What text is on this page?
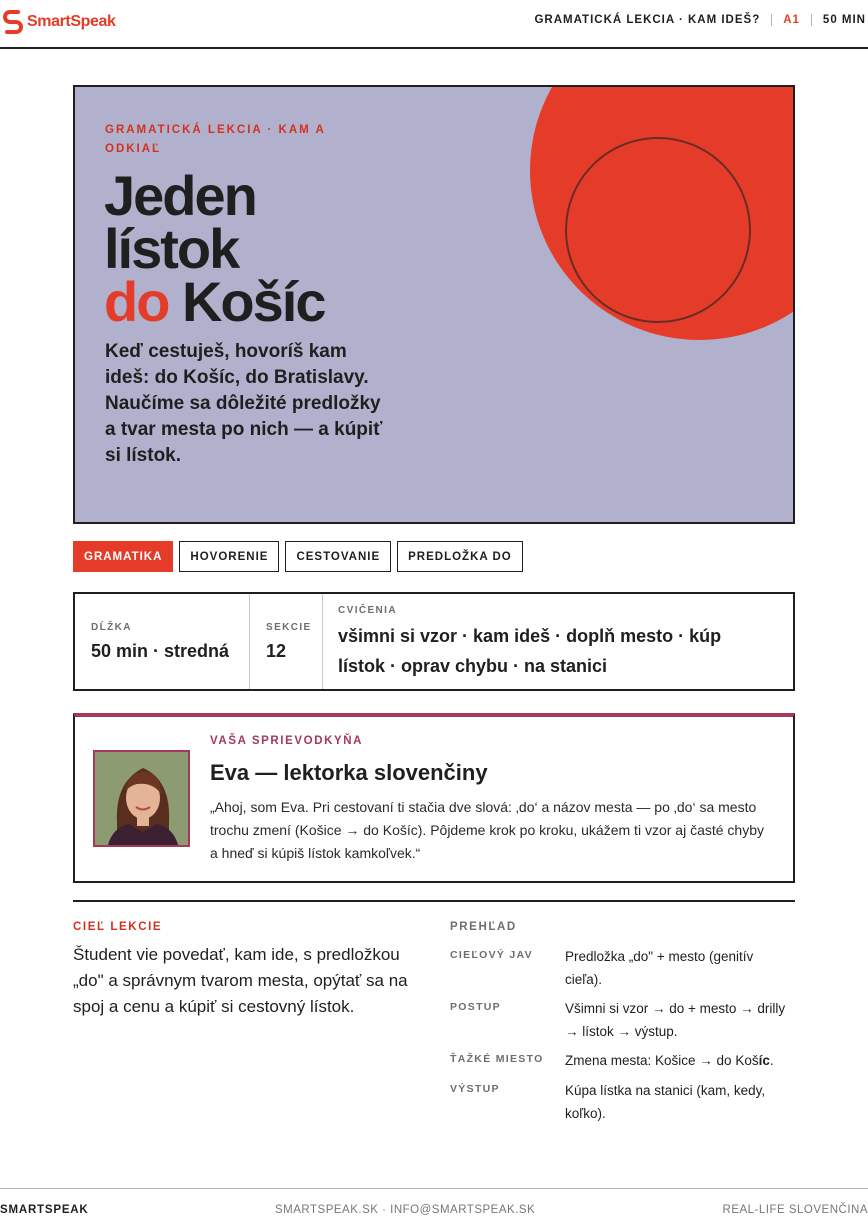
SmartSpeak	GRAMATICKÁ LEKCIA · KAM IDEŠ? A1 50 MIN
GRAMATICKÁ LEKCIA · KAM A ODKIAĽ
Jeden
lístok
do Košíc

Keď cestuješ, hovoríš kam ideš: do Košíc, do Bratislavy. Naučíme sa dôležité predložky a tvar mesta po nich — a kúpiť si lístok.

GRAMATIKA	HOVORENIE	CESTOVANIE	PREDLOŽKA DO
DĹŽKA
50 min · stredná
SEKCIE
12
CVIČENIA
všimni si vzor · kam ideš · doplň mesto · kúp lístok · oprav chybu · na stanici
VAŠA SPRIEVODKYŇA
Eva — lektorka slovenčiny

„Ahoj, som Eva. Pri cestovaní ti stačia dve slová: ‚do‘ a názov mesta — po ‚do‘ sa mesto trochu zmení (Košice → do Košíc). Pôjdeme krok po kroku, ukážem ti vzor aj časté chyby a hneď si kúpiš lístok kamkoľvek.“

CIEĽ LEKCIE

Študent vie povedať, kam ide, s predložkou „do" a správnym tvarom mesta, opýtať sa na spoj a cenu a kúpiť si cestovný lístok.

PREHĽAD
CIEĽOVÝ JAV	Predložka „do" + mesto (genitív cieľa).
POSTUP	Všimni si vzor → do + mesto → drilly → lístok → výstup.
ŤAŽKÉ MIESTO	Zmena mesta: Košice → do Košíc.
VÝSTUP	Kúpa lístka na stanici (kam, kedy, koľko).
SMARTSPEAK	SMARTSPEAK.SK · INFO@SMARTSPEAK.SK	REAL-LIFE SLOVENČINA
